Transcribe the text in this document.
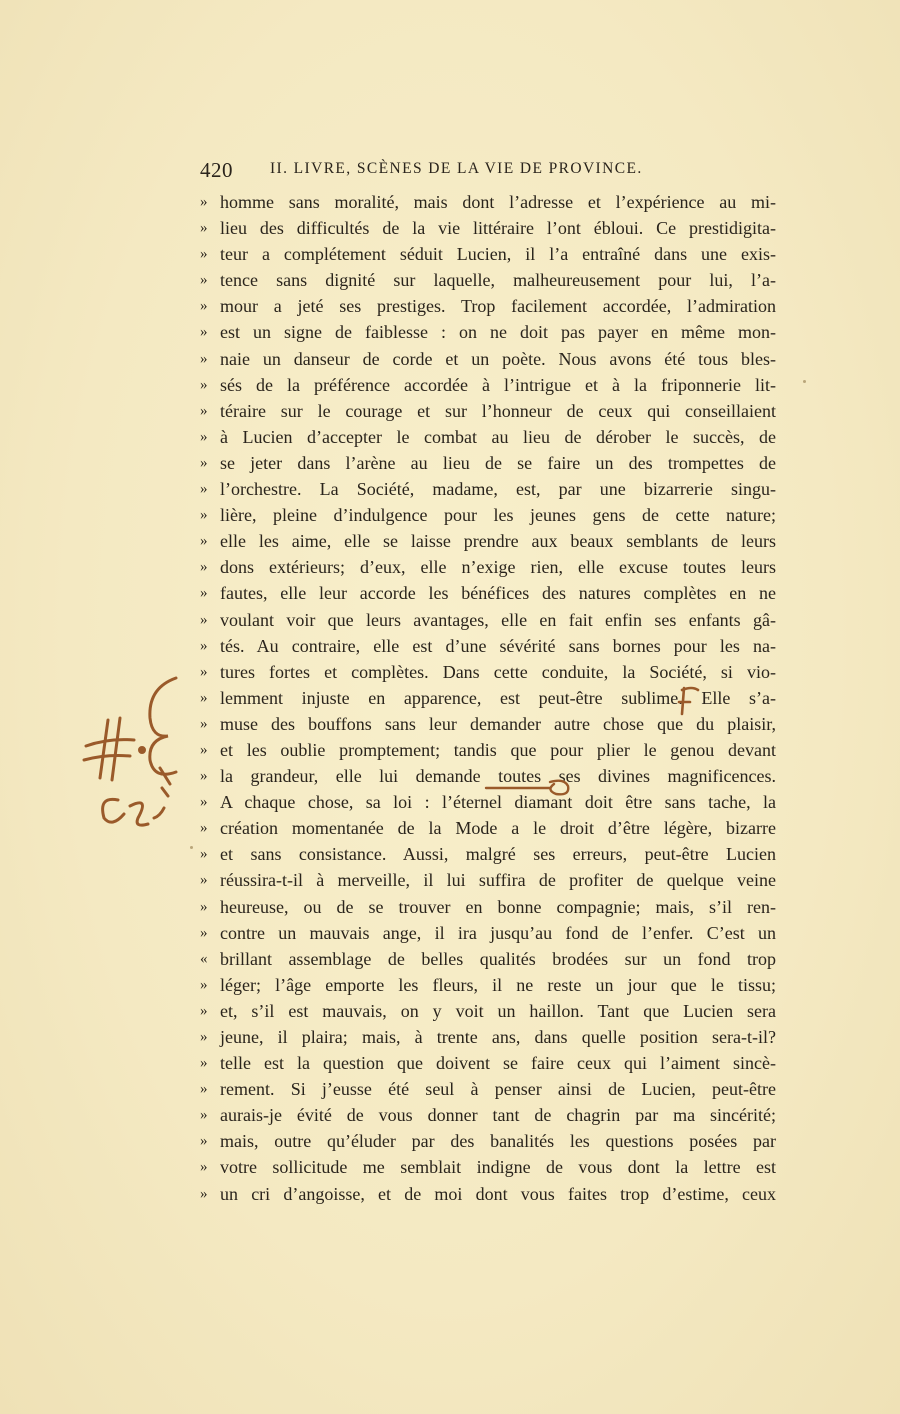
420 II. LIVRE, SCÈNES DE LA VIE DE PROVINCE.
» homme sans moralité, mais dont l’adresse et l’expérience au mi-
» lieu des difficultés de la vie littéraire l’ont ébloui. Ce prestidigita-
» teur a complétement séduit Lucien, il l’a entraîné dans une exis-
» tence sans dignité sur laquelle, malheureusement pour lui, l’a-
» mour a jeté ses prestiges. Trop facilement accordée, l’admiration
» est un signe de faiblesse : on ne doit pas payer en même mon-
» naie un danseur de corde et un poète. Nous avons été tous bles-
» sés de la préférence accordée à l’intrigue et à la friponnerie lit-
» téraire sur le courage et sur l’honneur de ceux qui conseillaient
» à Lucien d’accepter le combat au lieu de dérober le succès, de
» se jeter dans l’arène au lieu de se faire un des trompettes de
» l’orchestre. La Société, madame, est, par une bizarrerie singu-
» lière, pleine d’indulgence pour les jeunes gens de cette nature;
» elle les aime, elle se laisse prendre aux beaux semblants de leurs
» dons extérieurs; d’eux, elle n’exige rien, elle excuse toutes leurs
» fautes, elle leur accorde les bénéfices des natures complètes en ne
» voulant voir que leurs avantages, elle en fait enfin ses enfants gâ-
» tés. Au contraire, elle est d’une sévérité sans bornes pour les na-
» tures fortes et complètes. Dans cette conduite, la Société, si vio-
» lemment injuste en apparence, est peut-être sublime. Elle s’a-
» muse des bouffons sans leur demander autre chose que du plaisir,
» et les oublie promptement; tandis que pour plier le genou devant
» la grandeur, elle lui demande toutes ses divines magnificences.
» A chaque chose, sa loi : l’éternel diamant doit être sans tache, la
» création momentanée de la Mode a le droit d’être légère, bizarre
» et sans consistance. Aussi, malgré ses erreurs, peut-être Lucien
» réussira-t-il à merveille, il lui suffira de profiter de quelque veine
» heureuse, ou de se trouver en bonne compagnie; mais, s’il ren-
» contre un mauvais ange, il ira jusqu’au fond de l’enfer. C’est un
« brillant assemblage de belles qualités brodées sur un fond trop
» léger; l’âge emporte les fleurs, il ne reste un jour que le tissu;
» et, s’il est mauvais, on y voit un haillon. Tant que Lucien sera
» jeune, il plaira; mais, à trente ans, dans quelle position sera-t-il?
» telle est la question que doivent se faire ceux qui l’aiment sincè-
» rement. Si j’eusse été seul à penser ainsi de Lucien, peut-être
» aurais-je évité de vous donner tant de chagrin par ma sincérité;
» mais, outre qu’éluder par des banalités les questions posées par
» votre sollicitude me semblait indigne de vous dont la lettre est
» un cri d’angoisse, et de moi dont vous faites trop d’estime, ceux
